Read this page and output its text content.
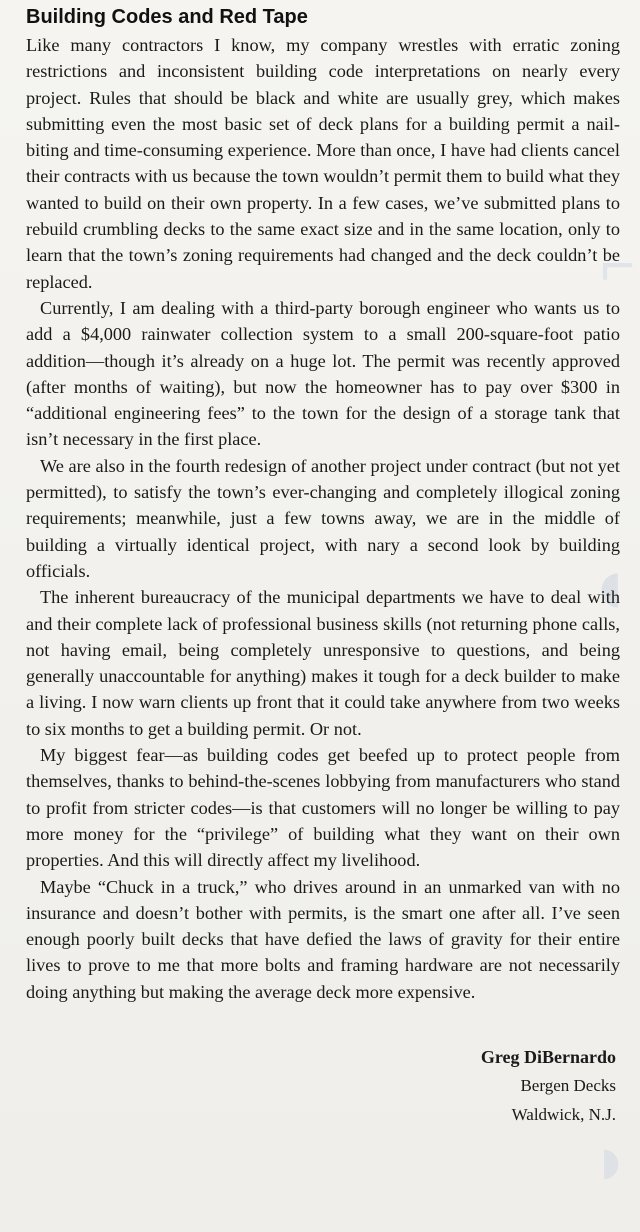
⌐
◖
◗
Building Codes and Red Tape

Like many contractors I know, my company wrestles with erratic zoning restrictions and inconsistent building code interpretations on nearly every project. Rules that should be black and white are usually grey, which makes submitting even the most basic set of deck plans for a building permit a nail-biting and time-consuming experience. More than once, I have had clients cancel their contracts with us because the town wouldn’t permit them to build what they wanted to build on their own property. In a few cases, we’ve submitted plans to rebuild crumbling decks to the same exact size and in the same location, only to learn that the town’s zoning requirements had changed and the deck couldn’t be replaced.

Currently, I am dealing with a third-party borough engineer who wants us to add a $4,000 rainwater collection system to a small 200-square-foot patio addition—though it’s already on a huge lot. The permit was recently approved (after months of waiting), but now the homeowner has to pay over $300 in “additional engineering fees” to the town for the design of a storage tank that isn’t necessary in the first place.

We are also in the fourth redesign of another project under contract (but not yet permitted), to satisfy the town’s ever-changing and completely illogical zoning requirements; meanwhile, just a few towns away, we are in the middle of building a virtually identical project, with nary a second look by building officials.

The inherent bureaucracy of the municipal departments we have to deal with and their complete lack of professional business skills (not returning phone calls, not having email, being completely unresponsive to questions, and being generally unaccountable for anything) makes it tough for a deck builder to make a living. I now warn clients up front that it could take anywhere from two weeks to six months to get a building permit. Or not.

My biggest fear—as building codes get beefed up to protect people from themselves, thanks to behind-the-scenes lobbying from manufacturers who stand to profit from stricter codes—is that customers will no longer be willing to pay more money for the “privilege” of building what they want on their own properties. And this will directly affect my livelihood.

Maybe “Chuck in a truck,” who drives around in an unmarked van with no insurance and doesn’t bother with permits, is the smart one after all. I’ve seen enough poorly built decks that have defied the laws of gravity for their entire lives to prove to me that more bolts and framing hardware are not necessarily doing anything but making the average deck more expensive.

Greg DiBernardo
Bergen Decks
Waldwick, N.J.
